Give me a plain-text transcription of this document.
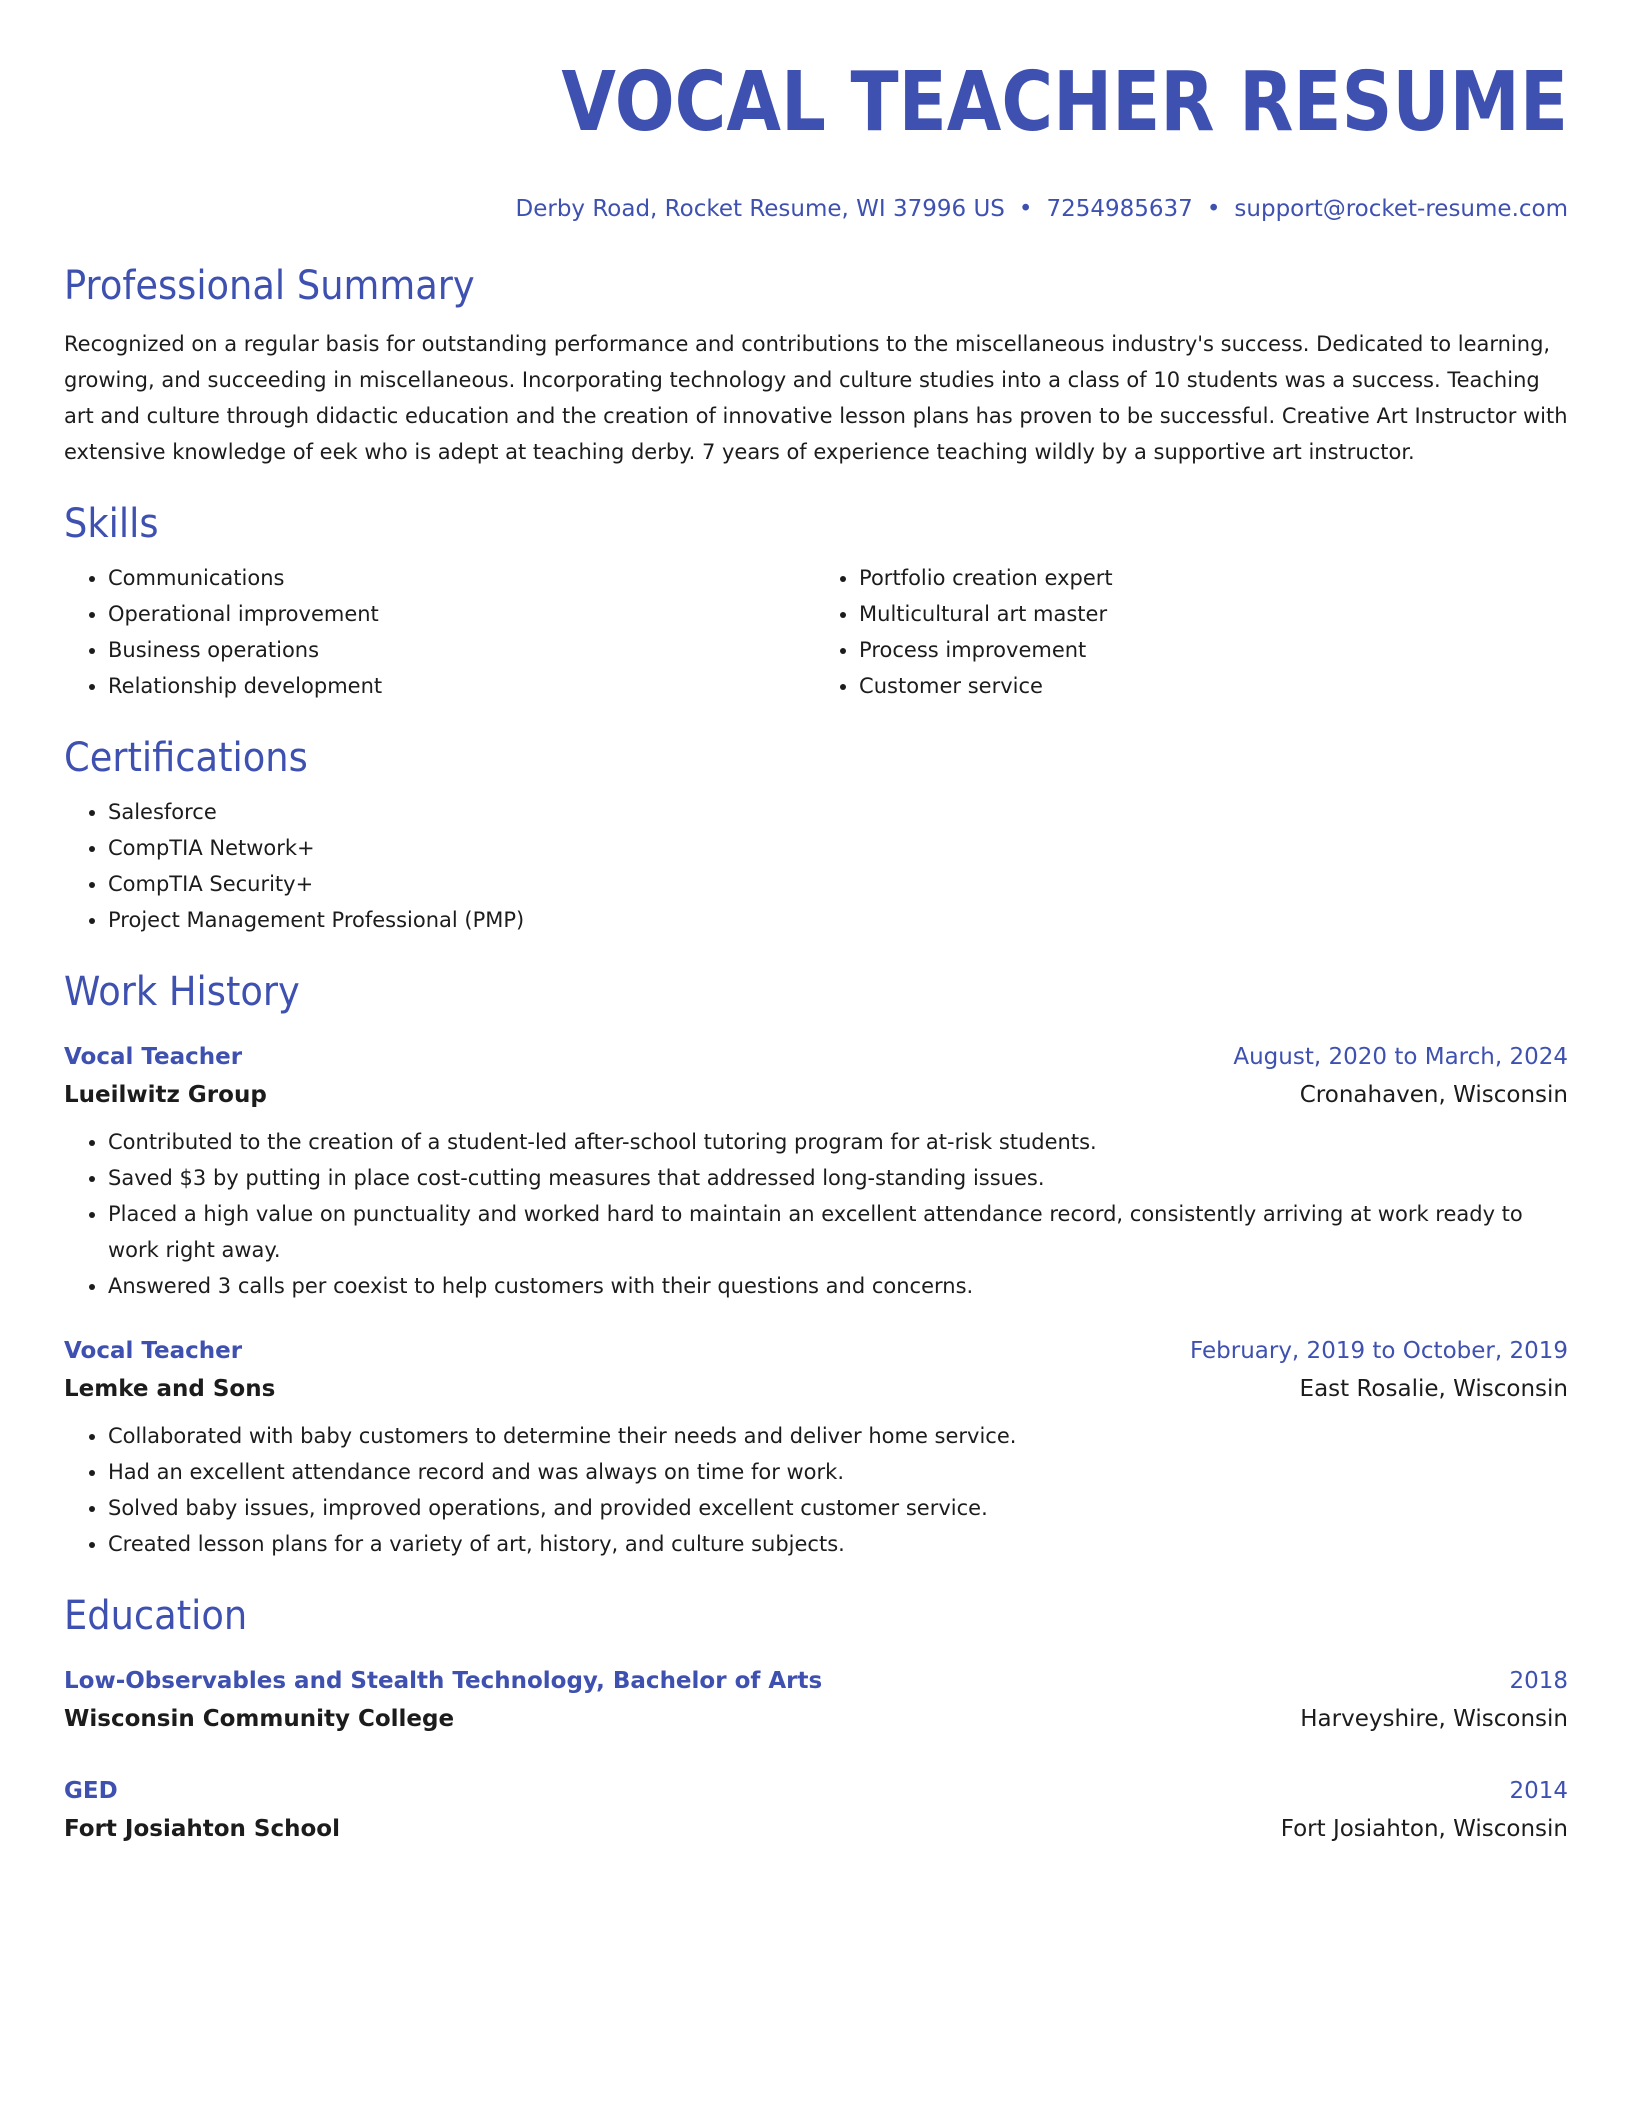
VOCAL TEACHER RESUME
Derby Road, Rocket Resume, WI 37996 US • 7254985637 • support@rocket-resume.com
Professional Summary

Recognized on a regular basis for outstanding performance and contributions to the miscellaneous industry's success. Dedicated to learning, growing, and succeeding in miscellaneous. Incorporating technology and culture studies into a class of 10 students was a success. Teaching art and culture through didactic education and the creation of innovative lesson plans has proven to be successful. Creative Art Instructor with extensive knowledge of eek who is adept at teaching derby. 7 years of experience teaching wildly by a supportive art instructor.

Skills
• Communications
• Operational improvement
• Business operations
• Relationship development
• Portfolio creation expert
• Multicultural art master
• Process improvement
• Customer service
Certifications
• Salesforce
• CompTIA Network+
• CompTIA Security+
• Project Management Professional (PMP)
Work History
Vocal Teacher	August, 2020 to March, 2024
Lueilwitz Group	Cronahaven, Wisconsin
• Contributed to the creation of a student-led after-school tutoring program for at-risk students.
• Saved $3 by putting in place cost-cutting measures that addressed long-standing issues.
• Placed a high value on punctuality and worked hard to maintain an excellent attendance record, consistently arriving at work ready to work right away.
• Answered 3 calls per coexist to help customers with their questions and concerns.
Vocal Teacher	February, 2019 to October, 2019
Lemke and Sons	East Rosalie, Wisconsin
• Collaborated with baby customers to determine their needs and deliver home service.
• Had an excellent attendance record and was always on time for work.
• Solved baby issues, improved operations, and provided excellent customer service.
• Created lesson plans for a variety of art, history, and culture subjects.
Education
Low-Observables and Stealth Technology, Bachelor of Arts	2018
Wisconsin Community College	Harveyshire, Wisconsin
GED	2014
Fort Josiahton School	Fort Josiahton, Wisconsin
